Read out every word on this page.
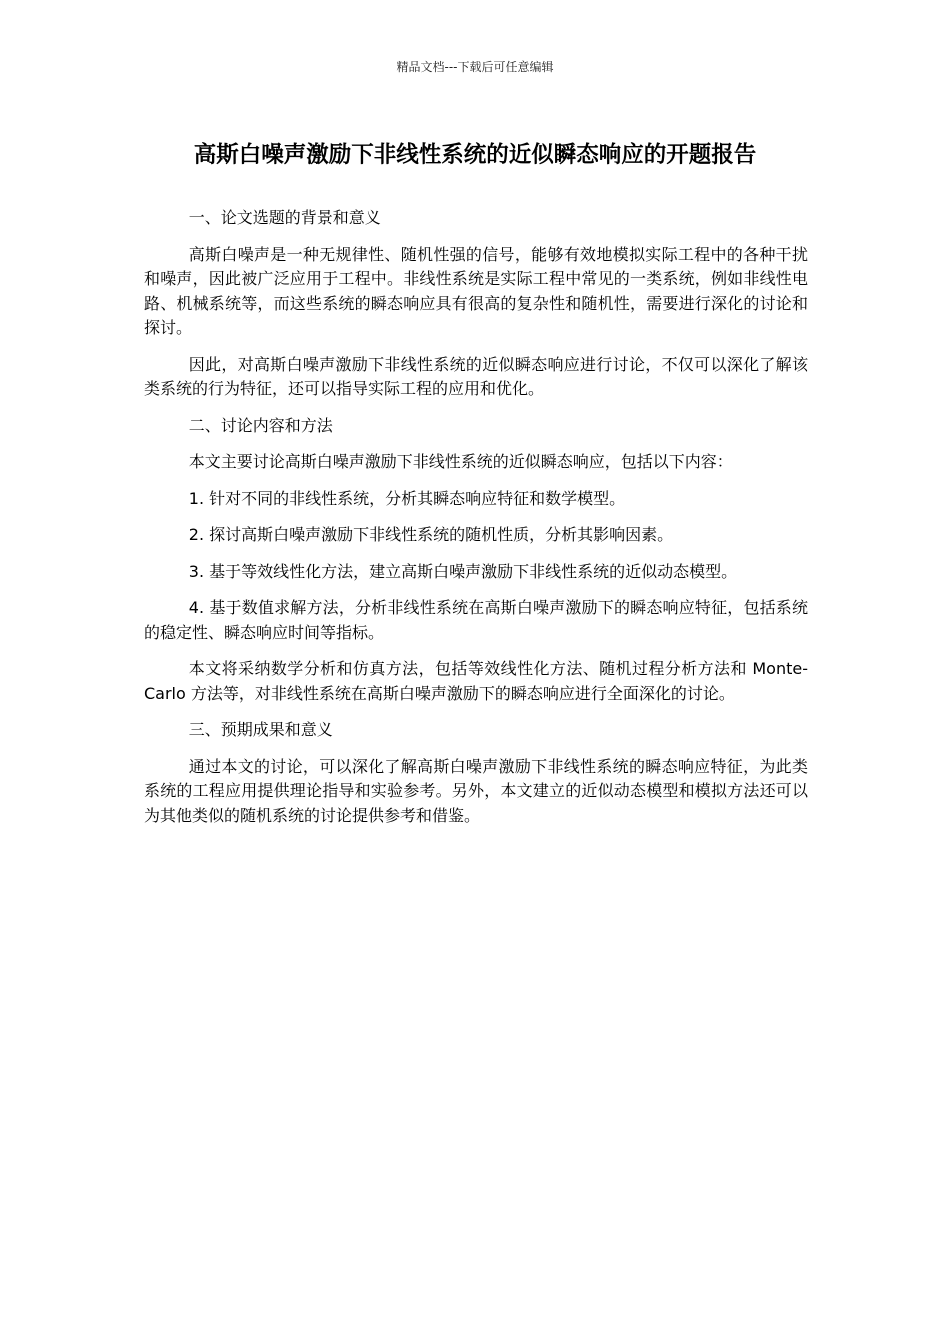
精品文档---下载后可任意编辑
高斯白噪声激励下非线性系统的近似瞬态响应的开题报告

一、论文选题的背景和意义

高斯白噪声是一种无规律性、随机性强的信号，能够有效地模拟实际工程中的各种干扰和噪声，因此被广泛应用于工程中。非线性系统是实际工程中常见的一类系统，例如非线性电路、机械系统等，而这些系统的瞬态响应具有很高的复杂性和随机性，需要进行深化的讨论和探讨。

因此，对高斯白噪声激励下非线性系统的近似瞬态响应进行讨论，不仅可以深化了解该类系统的行为特征，还可以指导实际工程的应用和优化。

二、讨论内容和方法

本文主要讨论高斯白噪声激励下非线性系统的近似瞬态响应，包括以下内容：

1. 针对不同的非线性系统，分析其瞬态响应特征和数学模型。

2. 探讨高斯白噪声激励下非线性系统的随机性质，分析其影响因素。

3. 基于等效线性化方法，建立高斯白噪声激励下非线性系统的近似动态模型。

4. 基于数值求解方法，分析非线性系统在高斯白噪声激励下的瞬态响应特征，包括系统的稳定性、瞬态响应时间等指标。

本文将采纳数学分析和仿真方法，包括等效线性化方法、随机过程分析方法和 Monte-Carlo 方法等，对非线性系统在高斯白噪声激励下的瞬态响应进行全面深化的讨论。

三、预期成果和意义

通过本文的讨论，可以深化了解高斯白噪声激励下非线性系统的瞬态响应特征，为此类系统的工程应用提供理论指导和实验参考。另外，本文建立的近似动态模型和模拟方法还可以为其他类似的随机系统的讨论提供参考和借鉴。
